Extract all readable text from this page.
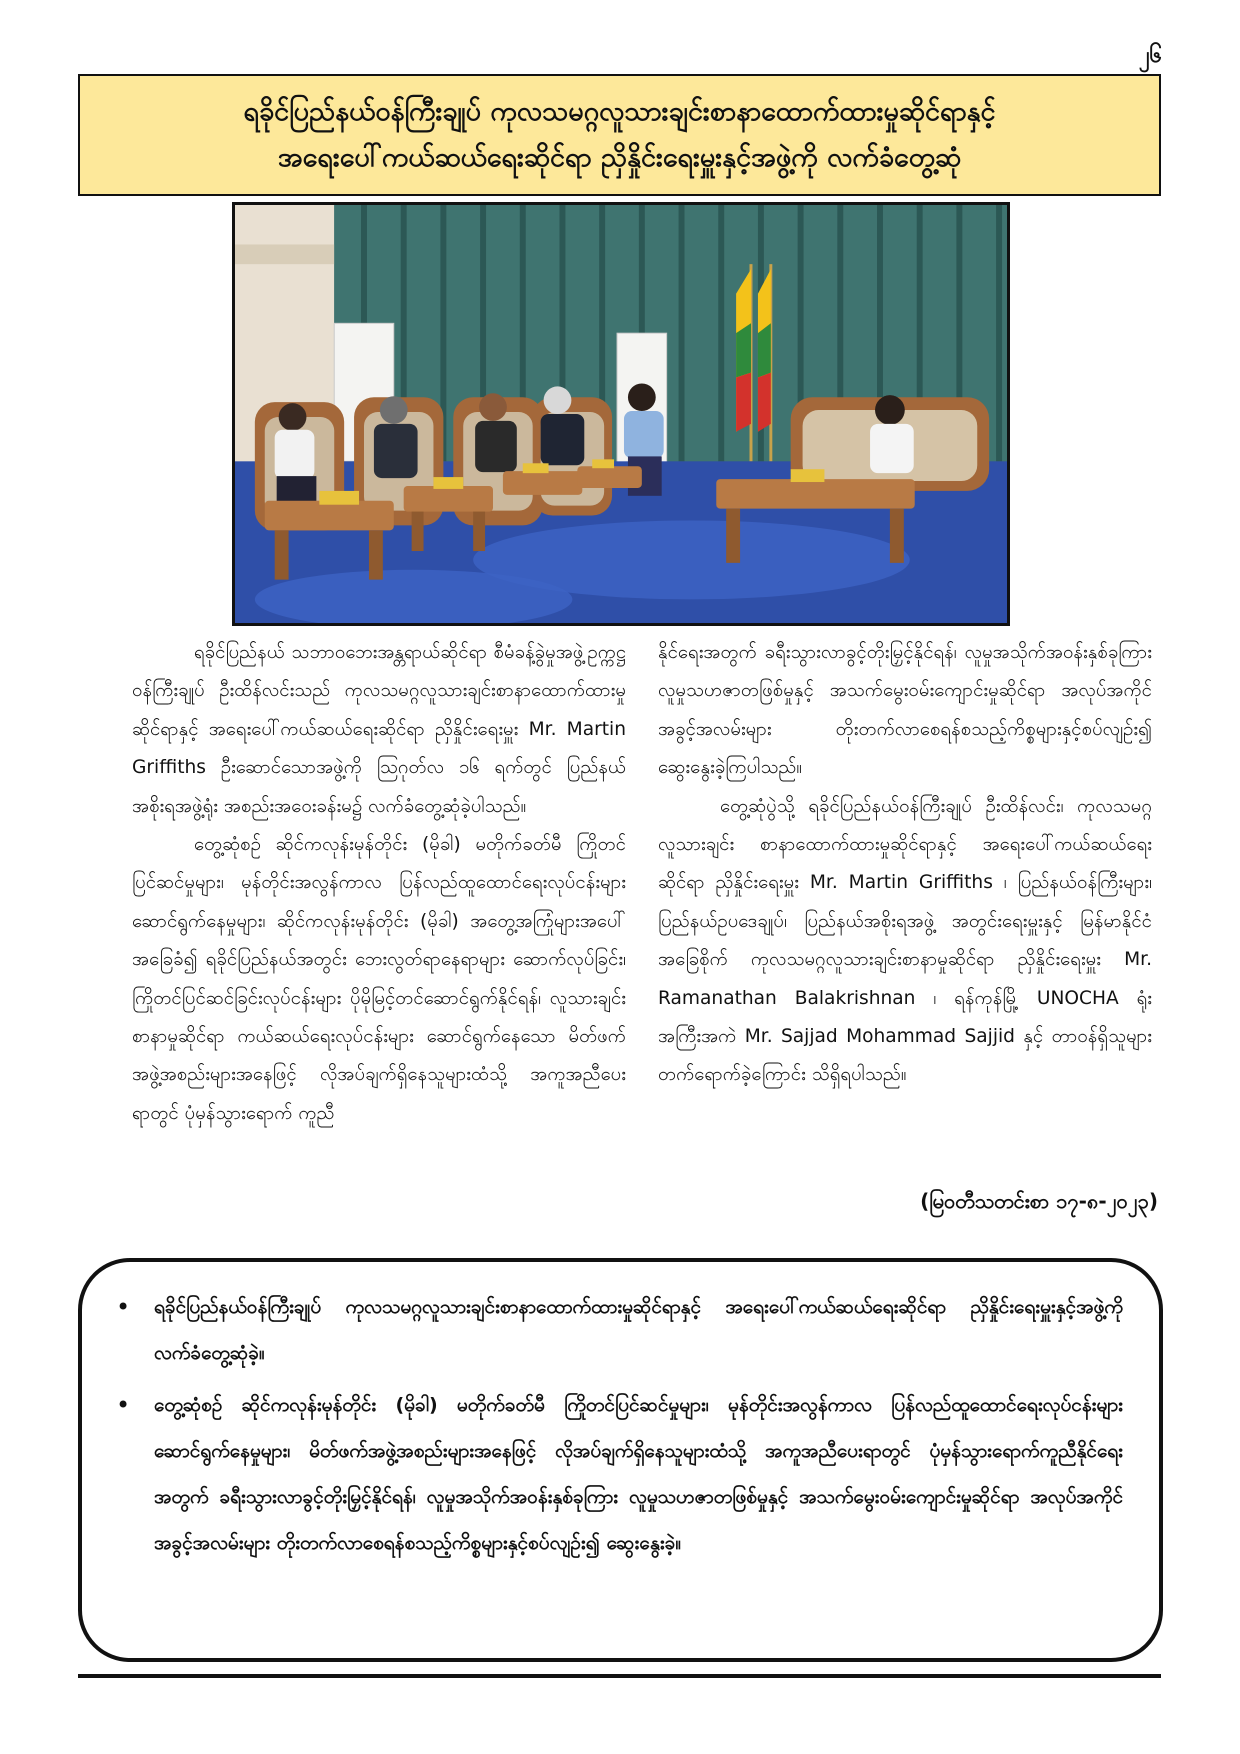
၂၆
ရခိုင်ပြည်နယ်ဝန်ကြီးချုပ် ကုလသမဂ္ဂလူသားချင်းစာနာထောက်ထားမှုဆိုင်ရာနှင့်
အရေးပေါ်ကယ်ဆယ်ရေးဆိုင်ရာ ညှိနှိုင်းရေးမှူးနှင့်အဖွဲ့ကို လက်ခံတွေ့ဆုံ

ရခိုင်ပြည်နယ် သဘာဝဘေးအန္တရာယ်ဆိုင်ရာ စီမံခန့်ခွဲမှုအဖွဲ့ဥက္ကဋ္ဌ ဝန်ကြီးချုပ် ဦးထိန်လင်းသည် ကုလသမဂ္ဂလူသားချင်းစာနာထောက်ထားမှုဆိုင်ရာနှင့် အရေးပေါ်ကယ်ဆယ်ရေးဆိုင်ရာ ညှိနှိုင်းရေးမှူး Mr. Martin Griffiths ဦးဆောင်သောအဖွဲ့ကို ဩဂုတ်လ ၁၆ ရက်တွင် ပြည်နယ်အစိုးရအဖွဲ့ရုံး အစည်းအဝေးခန်းမ၌ လက်ခံတွေ့ဆုံခဲ့ပါသည်။

တွေ့ဆုံစဉ် ဆိုင်ကလုန်းမုန်တိုင်း (မိုခါ) မတိုက်ခတ်မီ ကြိုတင်ပြင်ဆင်မှုများ၊ မုန်တိုင်းအလွန်ကာလ ပြန်လည်ထူထောင်ရေးလုပ်ငန်းများ ဆောင်ရွက်နေမှုများ၊ ဆိုင်ကလုန်းမုန်တိုင်း (မိုခါ) အတွေ့အကြုံများအပေါ် အခြေခံ၍ ရခိုင်ပြည်နယ်အတွင်း ဘေးလွတ်ရာနေရာများ ဆောက်လုပ်ခြင်း၊ ကြိုတင်ပြင်ဆင်ခြင်းလုပ်ငန်းများ ပိုမိုမြင့်တင်ဆောင်ရွက်နိုင်ရန်၊ လူသားချင်းစာနာမှုဆိုင်ရာ ကယ်ဆယ်ရေးလုပ်ငန်းများ ဆောင်ရွက်နေသော မိတ်ဖက်အဖွဲ့အစည်းများအနေဖြင့် လိုအပ်ချက်ရှိနေသူများထံသို့ အကူအညီပေးရာတွင် ပုံမှန်သွားရောက် ကူညီ

နိုင်ရေးအတွက် ခရီးသွားလာခွင့်တိုးမြှင့်နိုင်ရန်၊ လူမှုအသိုက်အဝန်းနှစ်ခုကြား လူမှုသဟဇာတဖြစ်မှုနှင့် အသက်မွေးဝမ်းကျောင်းမှုဆိုင်ရာ အလုပ်အကိုင်အခွင့်အလမ်းများ တိုးတက်လာစေရန်စသည့်ကိစ္စများနှင့်စပ်လျဉ်း၍ ဆွေးနွေးခဲ့ကြပါသည်။

တွေ့ဆုံပွဲသို့ ရခိုင်ပြည်နယ်ဝန်ကြီးချုပ် ဦးထိန်လင်း၊ ကုလသမဂ္ဂလူသားချင်း စာနာထောက်ထားမှုဆိုင်ရာနှင့် အရေးပေါ်ကယ်ဆယ်ရေးဆိုင်ရာ ညှိနှိုင်းရေးမှူး Mr. Martin Griffiths ၊ ပြည်နယ်ဝန်ကြီးများ၊ ပြည်နယ်ဥပဒေချုပ်၊ ပြည်နယ်အစိုးရအဖွဲ့ အတွင်းရေးမှူးနှင့် မြန်မာနိုင်ငံအခြေစိုက် ကုလသမဂ္ဂလူသားချင်းစာနာမှုဆိုင်ရာ ညှိနှိုင်းရေးမှူး Mr. Ramanathan Balakrishnan ၊ ရန်ကုန်မြို့ UNOCHA ရုံးအကြီးအကဲ Mr. Sajjad Mohammad Sajjid နှင့် တာဝန်ရှိသူများ တက်ရောက်ခဲ့ကြောင်း သိရှိရပါသည်။

(မြဝတီသတင်းစာ ၁၇-၈-၂၀၂၃)
•	ရခိုင်ပြည်နယ်ဝန်ကြီးချုပ် ကုလသမဂ္ဂလူသားချင်းစာနာထောက်ထားမှုဆိုင်ရာနှင့် အရေးပေါ်ကယ်ဆယ်ရေးဆိုင်ရာ ညှိနှိုင်းရေးမှူးနှင့်အဖွဲ့ကို လက်ခံတွေ့ဆုံခဲ့။
•	တွေ့ဆုံစဉ် ဆိုင်ကလုန်းမုန်တိုင်း (မိုခါ) မတိုက်ခတ်မီ ကြိုတင်ပြင်ဆင်မှုများ၊ မုန်တိုင်းအလွန်ကာလ ပြန်လည်ထူထောင်ရေးလုပ်ငန်းများ ဆောင်ရွက်နေမှုများ၊ မိတ်ဖက်အဖွဲ့အစည်းများအနေဖြင့် လိုအပ်ချက်ရှိနေသူများထံသို့ အကူအညီပေးရာတွင် ပုံမှန်သွားရောက်ကူညီနိုင်ရေးအတွက် ခရီးသွားလာခွင့်တိုးမြှင့်နိုင်ရန်၊ လူမှုအသိုက်အဝန်းနှစ်ခုကြား လူမှုသဟဇာတဖြစ်မှုနှင့် အသက်မွေးဝမ်းကျောင်းမှုဆိုင်ရာ အလုပ်အကိုင်အခွင့်အလမ်းများ တိုးတက်လာစေရန်စသည့်ကိစ္စများနှင့်စပ်လျဉ်း၍ ဆွေးနွေးခဲ့။
